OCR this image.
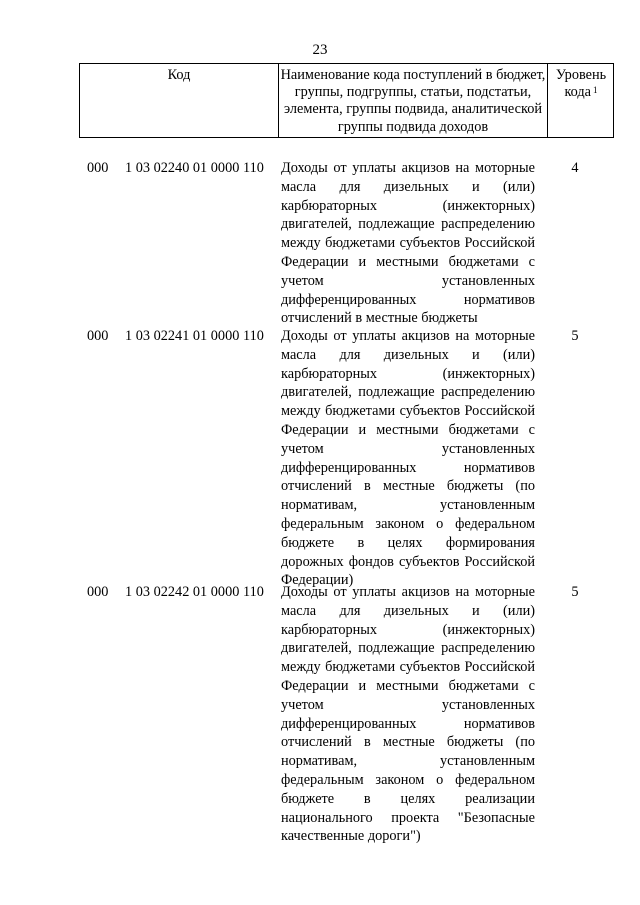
23
Код	Наименование кода поступлений в бюджет, группы, подгруппы, статьи, подстатьи, элемента, группы подвида, аналитической группы подвида доходов
Уровень кода $^1$
000 1 03 02240 01 0000 110 Доходы от уплаты акцизов на моторные масла для дизельных и (или) карбюраторных (инжекторных) двигателей, подлежащие распределению между бюджетами субъектов Российской Федерации и местными бюджетами с учетом установленных дифференцированных нормативов отчислений в местные бюджеты
4
000 1 03 02241 01 0000 110 Доходы от уплаты акцизов на моторные масла для дизельных и (или) карбюраторных (инжекторных) двигателей, подлежащие распределению между бюджетами субъектов Российской Федерации и местными бюджетами с учетом установленных дифференцированных нормативов отчислений в местные бюджеты (по нормативам, установленным федеральным законом о федеральном бюджете в целях формирования дорожных фондов субъектов Российской Федерации)
5
000 1 03 02242 01 0000 110 Доходы от уплаты акцизов на моторные масла для дизельных и (или) карбюраторных (инжекторных) двигателей, подлежащие распределению между бюджетами субъектов Российской Федерации и местными бюджетами с учетом установленных дифференцированных нормативов отчислений в местные бюджеты (по нормативам, установленным федеральным законом о федеральном бюджете в целях реализации национального проекта "Безопасные качественные дороги")
5
